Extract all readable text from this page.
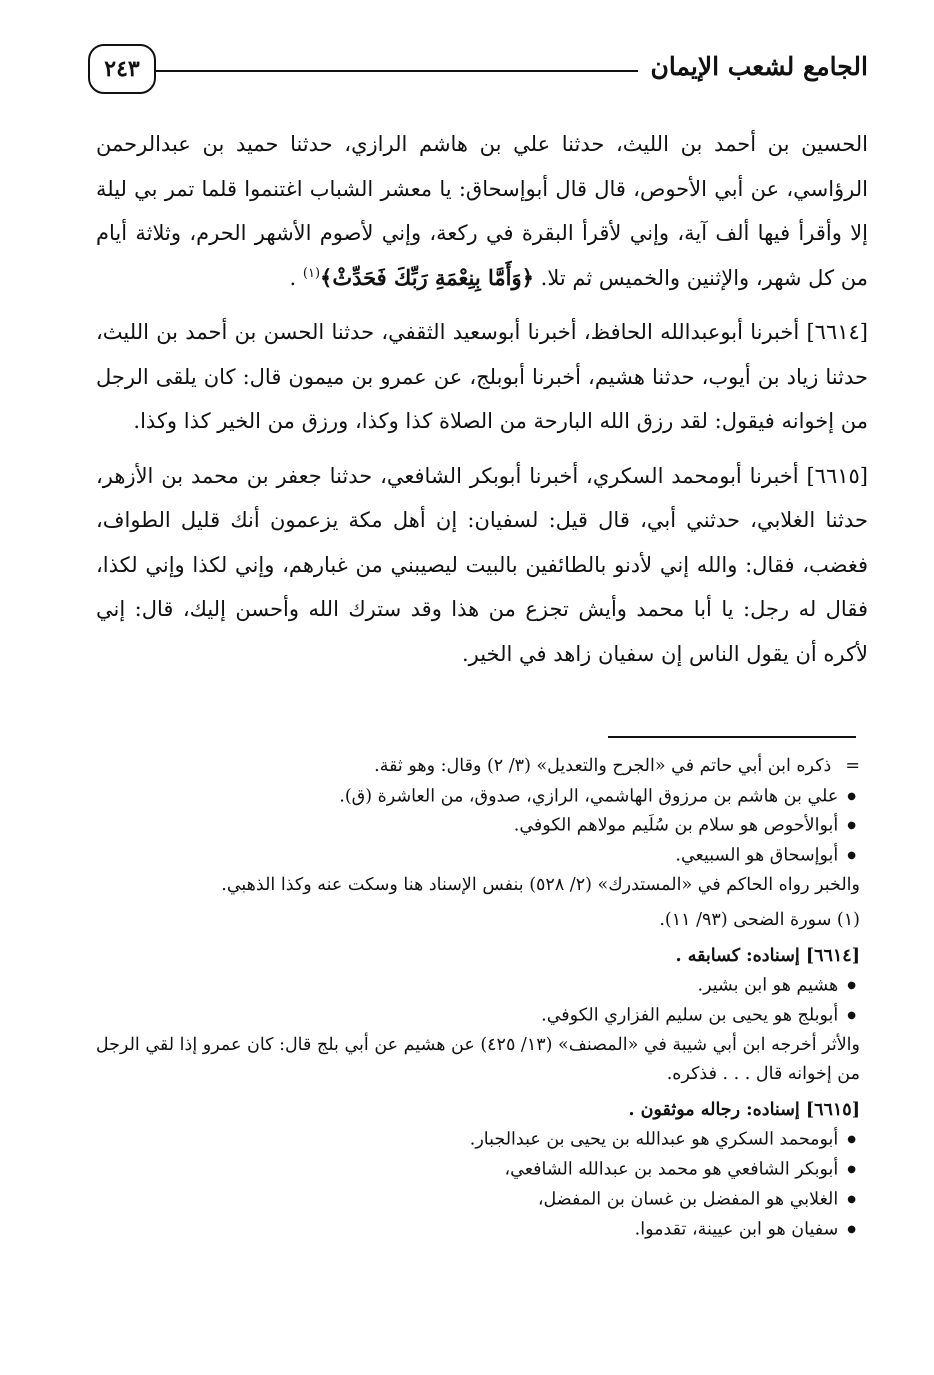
الجامع لشعب الإيمان
٢٤٣

الحسين بن أحمد بن الليث، حدثنا علي بن هاشم الرازي، حدثنا حميد بن عبدالرحمن الرؤاسي، عن أبي الأحوص، قال قال أبوإسحاق: يا معشر الشباب اغتنموا قلما تمر بي ليلة إلا وأقرأ فيها ألف آية، وإني لأقرأ البقرة في ركعة، وإني لأصوم الأشهر الحرم، وثلاثة أيام من كل شهر، والإثنين والخميس ثم تلا. ﴿وَأَمَّا بِنِعْمَةِ رَبِّكَ فَحَدِّثْ﴾$^{(١)}$ .

[٦٦١٤] أخبرنا أبوعبدالله الحافظ، أخبرنا أبوسعيد الثقفي، حدثنا الحسن بن أحمد بن الليث، حدثنا زياد بن أيوب، حدثنا هشيم، أخبرنا أبوبلج، عن عمرو بن ميمون قال: كان يلقى الرجل من إخوانه فيقول: لقد رزق الله البارحة من الصلاة كذا وكذا، ورزق من الخير كذا وكذا.

[٦٦١٥] أخبرنا أبومحمد السكري، أخبرنا أبوبكر الشافعي، حدثنا جعفر بن محمد بن الأزهر، حدثنا الغلابي، حدثني أبي، قال قيل: لسفيان: إن أهل مكة يزعمون أنك قليل الطواف، فغضب، فقال: والله إني لأدنو بالطائفين بالبيت ليصيبني من غبارهم، وإني لكذا وإني لكذا، فقال له رجل: يا أبا محمد وأيش تجزع من هذا وقد سترك الله وأحسن إليك، قال: إني لأكره أن يقول الناس إن سفيان زاهد في الخير.

=ذكره ابن أبي حاتم في «الجرح والتعديل» (٣/ ٢) وقال: وهو ثقة.

● علي بن هاشم بن مرزوق الهاشمي، الرازي، صدوق، من العاشرة (ق).

● أبوالأحوص هو سلام بن سُلَيم مولاهم الكوفي.

● أبوإسحاق هو السبيعي.

والخبر رواه الحاكم في «المستدرك» (٢/ ٥٢٨) بنفس الإسناد هنا وسكت عنه وكذا الذهبي.

(١) سورة الضحى (٩٣/ ١١).

[٦٦١٤] إسناده: كسابقه .

● هشيم هو ابن بشير.

● أبوبلج هو يحيى بن سليم الفزاري الكوفي.

والأثر أخرجه ابن أبي شيبة في «المصنف» (١٣/ ٤٢٥) عن هشيم عن أبي بلج قال: كان عمرو إذا لقي الرجل من إخوانه قال . . . فذكره.

[٦٦١٥] إسناده: رجاله موثقون .

● أبومحمد السكري هو عبدالله بن يحيى بن عبدالجبار.

● أبوبكر الشافعي هو محمد بن عبدالله الشافعي،

● الغلابي هو المفضل بن غسان بن المفضل،

● سفيان هو ابن عيينة، تقدموا.
